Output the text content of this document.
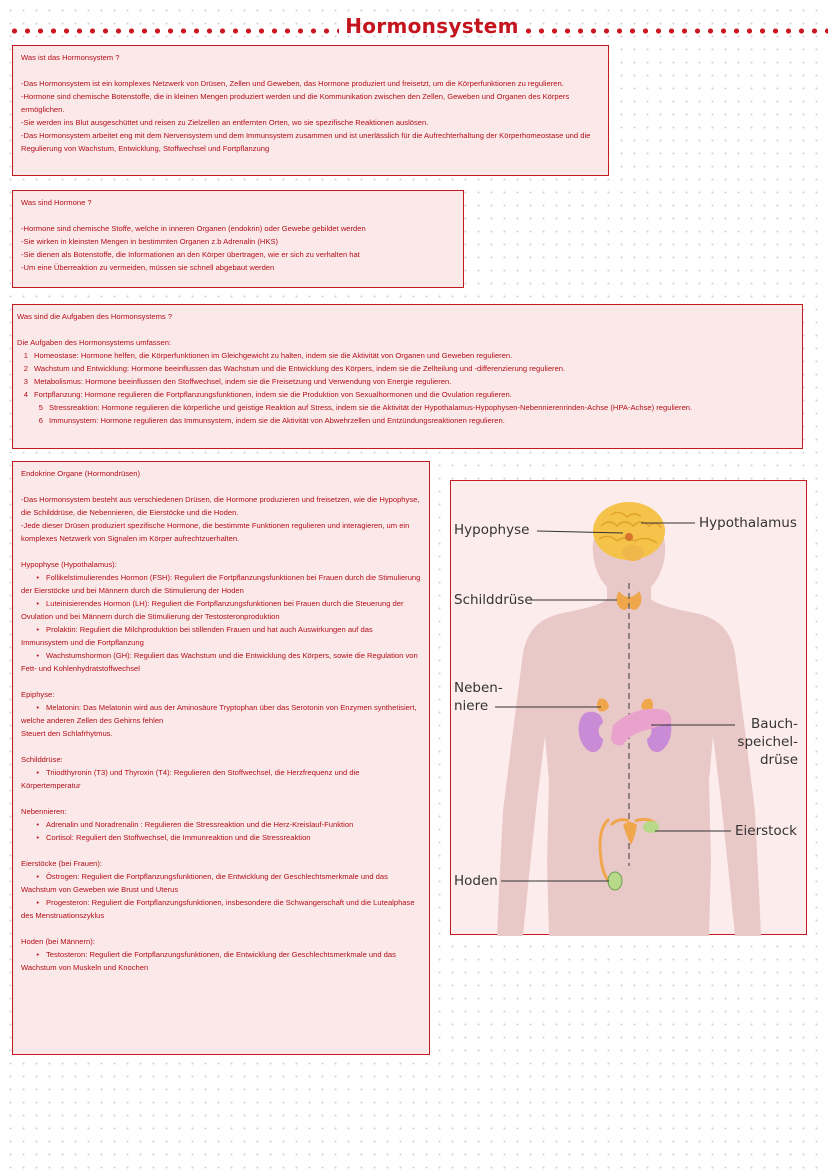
Hormonsystem

Was ist das Hormonsystem ?

-Das Hormonsystem ist ein komplexes Netzwerk von Drüsen, Zellen und Geweben, das Hormone produziert und freisetzt, um die Körperfunktionen zu regulieren.

-Hormone sind chemische Botenstoffe, die in kleinen Mengen produziert werden und die Kommunikation zwischen den Zellen, Geweben und Organen des Körpers ermöglichen.

-Sie werden ins Blut ausgeschüttet und reisen zu Zielzellen an entfernten Orten, wo sie spezifische Reaktionen auslösen.

-Das Hormonsystem arbeitet eng mit dem Nervensystem und dem Immunsystem zusammen und ist unerlässlich für die Aufrechterhaltung der Körperhomeostase und die Regulierung von Wachstum, Entwicklung, Stoffwechsel und Fortpflanzung

Was sind Hormone ?

-Hormone sind chemische Stoffe, welche in inneren Organen (endokrin) oder Gewebe gebildet werden

-Sie wirken in kleinsten Mengen in bestimmten Organen z.b Adrenalin (HKS)

-Sie dienen als Botenstoffe, die Informationen an den Körper übertragen, wie er sich zu verhalten hat

-Um eine Überreaktion zu vermeiden, müssen sie schnell abgebaut werden

Was sind die Aufgaben des Hormonsystems ?

Die Aufgaben des Hormonsystems umfassen:

1 Homeostase: Hormone helfen, die Körperfunktionen im Gleichgewicht zu halten, indem sie die Aktivität von Organen und Geweben regulieren.
2 Wachstum und Entwicklung: Hormone beeinflussen das Wachstum und die Entwicklung des Körpers, indem sie die Zellteilung und -differenzierung regulieren.
3 Metabolismus: Hormone beeinflussen den Stoffwechsel, indem sie die Freisetzung und Verwendung von Energie regulieren.
4 Fortpflanzung: Hormone regulieren die Fortpflanzungsfunktionen, indem sie die Produktion von Sexualhormonen und die Ovulation regulieren.
5 Stressreaktion: Hormone regulieren die körperliche und geistige Reaktion auf Stress, indem sie die Aktivität der Hypothalamus-Hypophysen-Nebennierenrinden-Achse (HPA-Achse) regulieren.
6 Immunsystem: Hormone regulieren das Immunsystem, indem sie die Aktivität von Abwehrzellen und Entzündungsreaktionen regulieren.

Endokrine Organe (Hormondrüsen)

-Das Hormonsystem besteht aus verschiedenen Drüsen, die Hormone produzieren und freisetzen, wie die Hypophyse, die Schilddrüse, die Nebennieren, die Eierstöcke und die Hoden.

-Jede dieser Drüsen produziert spezifische Hormone, die bestimmte Funktionen regulieren und interagieren, um ein komplexes Netzwerk von Signalen im Körper aufrechtzuerhalten.

Hypophyse (Hypothalamus):

• Follikelstimulierendes Hormon (FSH): Reguliert die Fortpflanzungsfunktionen bei Frauen durch die Stimulierung der Eierstöcke und bei Männern durch die Stimulierung der Hoden

• Luteinisierendes Hormon (LH): Reguliert die Fortpflanzungsfunktionen bei Frauen durch die Steuerung der Ovulation und bei Männern durch die Stimulierung der Testosteronproduktion

• Prolaktin: Reguliert die Milchproduktion bei stillenden Frauen und hat auch Auswirkungen auf das Immunsystem und die Fortpflanzung

• Wachstumshormon (GH): Reguliert das Wachstum und die Entwicklung des Körpers, sowie die Regulation von Fett- und Kohlenhydratstoffwechsel

Epiphyse:

• Melatonin: Das Melatonin wird aus der Aminosäure Tryptophan über das Serotonin von Enzymen synthetisiert, welche anderen Zellen des Gehirns fehlen

Steuert den Schlafrhytmus.

Schilddrüse:

• Triiodthyronin (T3) und Thyroxin (T4): Regulieren den Stoffwechsel, die Herzfrequenz und die Körpertemperatur

Nebennieren:

• Adrenalin und Noradrenalin : Regulieren die Stressreaktion und die Herz-Kreislauf-Funktion

• Cortisol: Reguliert den Stoffwechsel, die Immunreaktion und die Stressreaktion

Eierstöcke (bei Frauen):

• Östrogen: Reguliert die Fortpflanzungsfunktionen, die Entwicklung der Geschlechtsmerkmale und das Wachstum von Geweben wie Brust und Uterus

• Progesteron: Reguliert die Fortpflanzungsfunktionen, insbesondere die Schwangerschaft und die Lutealphase des Menstruationszyklus

Hoden (bei Männern):

• Testosteron: Reguliert die Fortpflanzungsfunktionen, die Entwicklung der Geschlechtsmerkmale und das Wachstum von Muskeln und Knochen

Hypophyse	Hypothalamus
Schilddrüse
Neben-
niere
Bauch-
speichel-
drüse
Eierstock
Hoden
